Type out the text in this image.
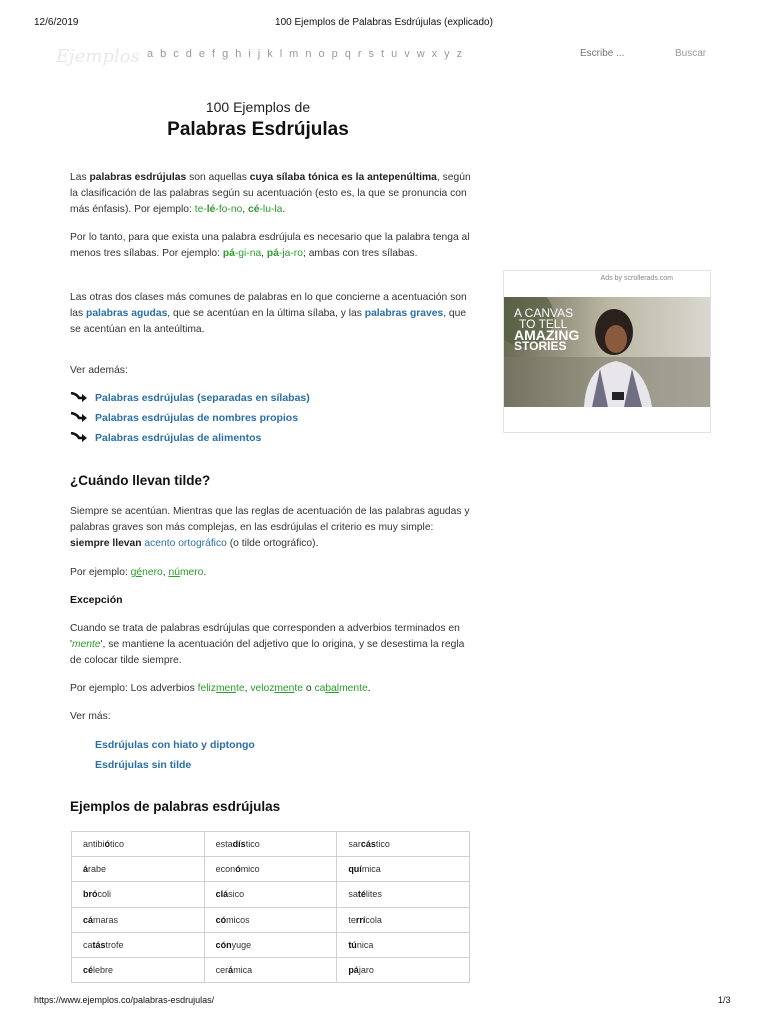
12/6/2019	100 Ejemplos de Palabras Esdrújulas (explicado)
Ejemplos a b c d e f g h i j k l m n o p q r s t u v w x y z
Escribe ...	Buscar
100 Ejemplos de
Palabras Esdrújulas

Las palabras esdrújulas son aquellas cuya sílaba tónica es la antepenúltima, según la clasificación de las palabras según su acentuación (esto es, la que se pronuncia con más énfasis). Por ejemplo: te-lé-fo-no, cé-lu-la.

Por lo tanto, para que exista una palabra esdrújula es necesario que la palabra tenga al menos tres sílabas. Por ejemplo: pá-gi-na, pá-ja-ro; ambas con tres sílabas.

Las otras dos clases más comunes de palabras en lo que concierne a acentuación son las palabras agudas, que se acentúan en la última sílaba, y las palabras graves, que se acentúan en la anteúltima.

Ver además:
Palabras esdrújulas (separadas en sílabas)
Palabras esdrújulas de nombres propios
Palabras esdrújulas de alimentos
Ads by scrollerads.com
A CANVAS
TO TELL
AMAZING
STORIES
¿Cuándo llevan tilde?

Siempre se acentúan. Mientras que las reglas de acentuación de las palabras agudas y palabras graves son más complejas, en las esdrújulas el criterio es muy simple: siempre llevan acento ortográfico (o tilde ortográfico).

Por ejemplo: género, número.

Excepción

Cuando se trata de palabras esdrújulas que corresponden a adverbios terminados en 'mente', se mantiene la acentuación del adjetivo que lo origina, y se desestima la regla de colocar tilde siempre.

Por ejemplo: Los adverbios felizmente, velozmente o cabalmente.

Ver más:
Esdrújulas con hiato y diptongo
Esdrújulas sin tilde
Ejemplos de palabras esdrújulas
antibiótico	estadístico	sarcástico
árabe	económico	química
brócoli	clásico	satélites
cámaras	cómicos	terrícola
catástrofe	cónyuge	túnica
célebre	cerámica	pájaro
https://www.ejemplos.co/palabras-esdrujulas/	1/3
